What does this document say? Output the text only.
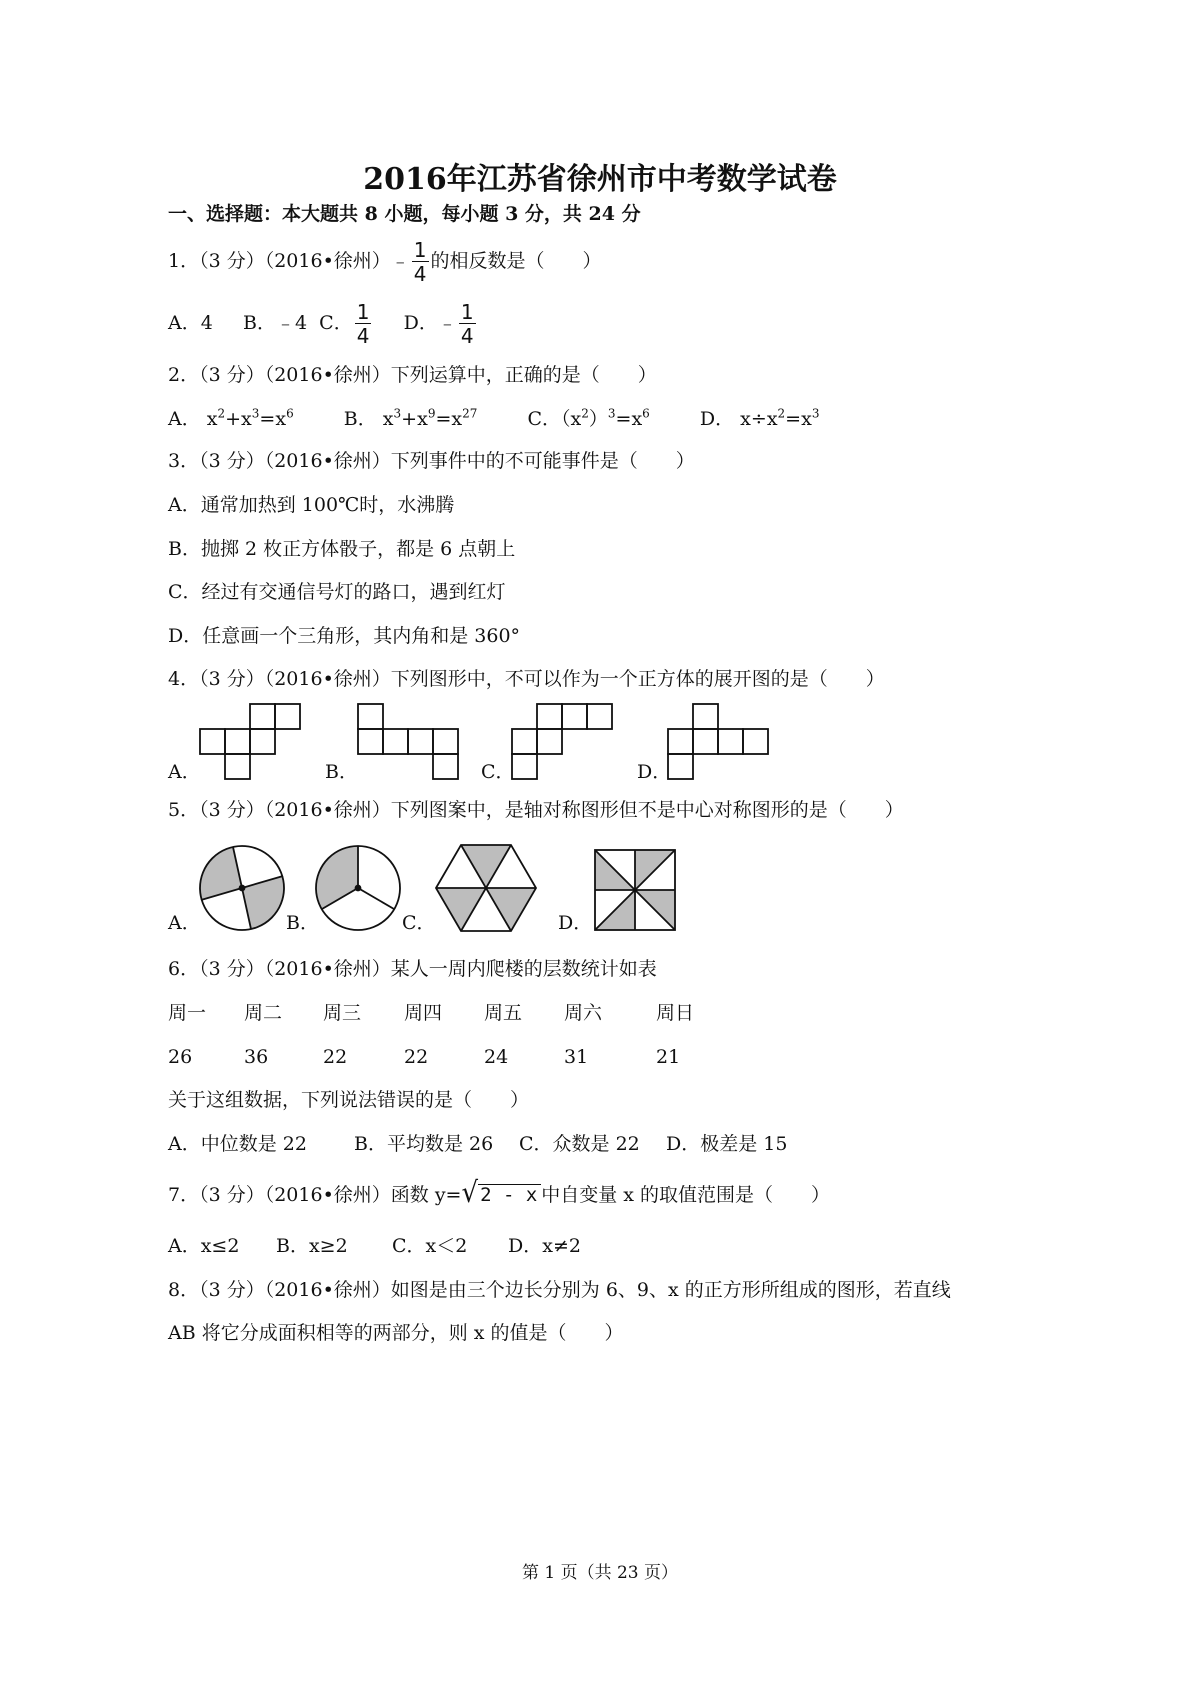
2016年江苏省徐州市中考数学试卷
一、选择题：本大题共 8 小题，每小题 3 分，共 24 分
1．（3 分）（2016•徐州）﹣ $\frac{1}{4}$ 的相反数是（　　）
A．4 B．﹣4 C． $\frac{1}{4}$ D．﹣ $\frac{1}{4}$
2．（3 分）（2016•徐州）下列运算中，正确的是（　　）
A． $x^2+x^3=x^6$	B． $x^3+x^9=x^{27}$	C．$(x^2)^3=x^6$	D． $x\div x^2=x^3$
3．（3 分）（2016•徐州）下列事件中的不可能事件是（　　）
A．通常加热到 100℃时，水沸腾
B．抛掷 2 枚正方体骰子，都是 6 点朝上
C．经过有交通信号灯的路口，遇到红灯
D．任意画一个三角形，其内角和是 360°
4．（3 分）（2016•徐州）下列图形中，不可以作为一个正方体的展开图的是（　　）
A．	B．	C．	D．
5．（3 分）（2016•徐州）下列图案中，是轴对称图形但不是中心对称图形的是（　　）
A．	B．	C．	D．
6．（3 分）（2016•徐州）某人一周内爬楼的层数统计如表
周一 周二 周三 周四 周五 周六	周日
26	36	22	22	24	31	21
关于这组数据，下列说法错误的是（　　）
A．中位数是 22 B．平均数是 26 C．众数是 22 D．极差是 15
7．（3 分）（2016•徐州）函数 y=√ 2 - x 中自变量 x 的取值范围是（　　）
A．x≤2 B．x≥2 C．x＜2 D．x≠2
8．（3 分）（2016•徐州）如图是由三个边长分别为 6、9、x 的正方形所组成的图形，若直线
AB 将它分成面积相等的两部分，则 x 的值是（　　）
第 1 页（共 23 页）
